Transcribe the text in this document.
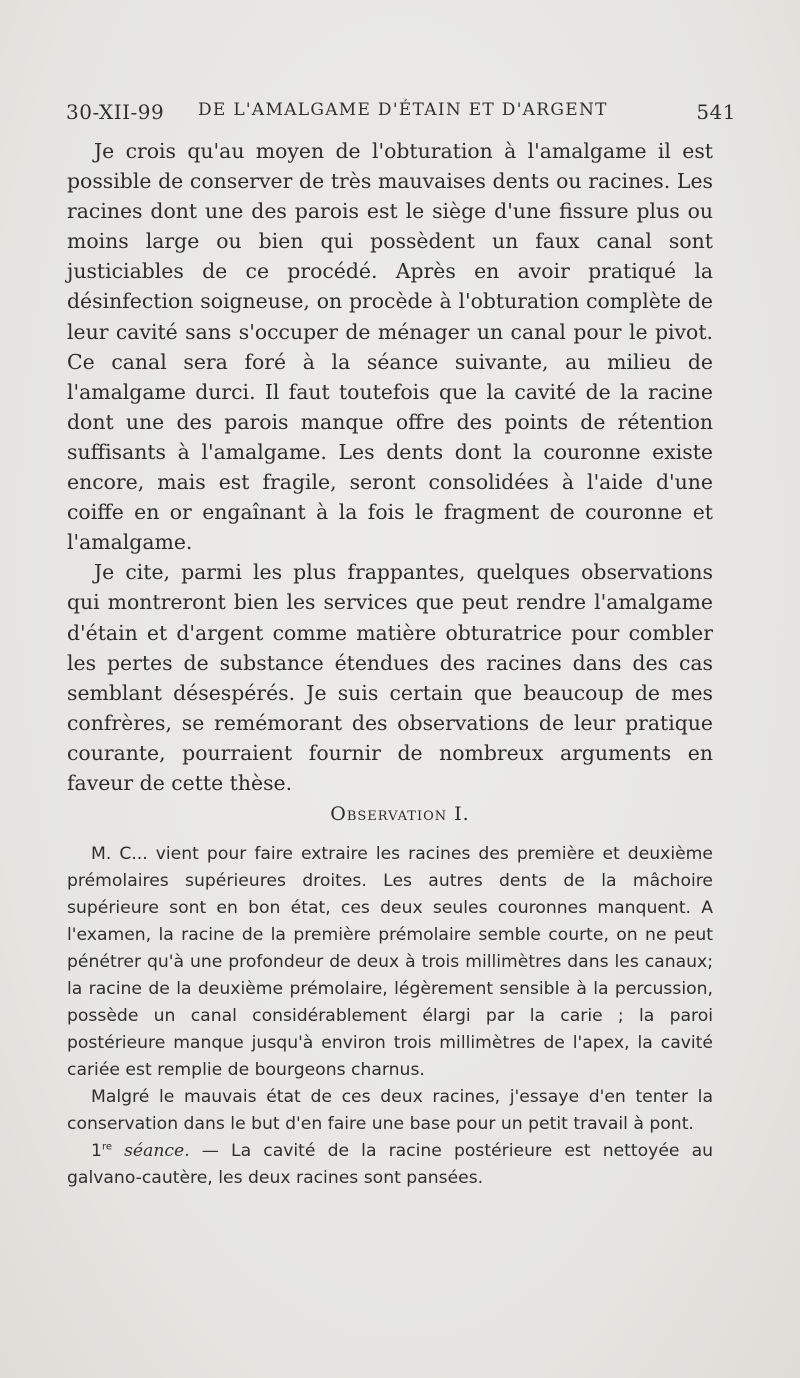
30-XII-99 DE L'AMALGAME D'ÉTAIN ET D'ARGENT	541

Je crois qu'au moyen de l'obturation à l'amalgame il est possible de conserver de très mauvaises dents ou racines. Les racines dont une des parois est le siège d'une fissure plus ou moins large ou bien qui possèdent un faux canal sont justiciables de ce procédé. Après en avoir pratiqué la désinfection soigneuse, on procède à l'obturation complète de leur cavité sans s'occuper de ménager un canal pour le pivot. Ce canal sera foré à la séance suivante, au milieu de l'amalgame durci. Il faut toutefois que la cavité de la racine dont une des parois manque offre des points de rétention suffisants à l'amalgame. Les dents dont la couronne existe encore, mais est fragile, seront consolidées à l'aide d'une coiffe en or engaînant à la fois le fragment de couronne et l'amalgame.

Je cite, parmi les plus frappantes, quelques observations qui montreront bien les services que peut rendre l'amalgame d'étain et d'argent comme matière obturatrice pour combler les pertes de substance étendues des racines dans des cas semblant désespérés. Je suis certain que beaucoup de mes confrères, se remémorant des observations de leur pratique courante, pourraient fournir de nombreux arguments en faveur de cette thèse.

Observation I.

M. C... vient pour faire extraire les racines des première et deuxième prémolaires supérieures droites. Les autres dents de la mâchoire supérieure sont en bon état, ces deux seules couronnes manquent. A l'examen, la racine de la première prémolaire semble courte, on ne peut pénétrer qu'à une profondeur de deux à trois millimètres dans les canaux; la racine de la deuxième prémolaire, légèrement sensible à la percussion, possède un canal considérablement élargi par la carie ; la paroi postérieure manque jusqu'à environ trois millimètres de l'apex, la cavité cariée est remplie de bourgeons charnus.

Malgré le mauvais état de ces deux racines, j'essaye d'en tenter la conservation dans le but d'en faire une base pour un petit travail à pont.

1re séance. — La cavité de la racine postérieure est nettoyée au galvano-cautère, les deux racines sont pansées.
